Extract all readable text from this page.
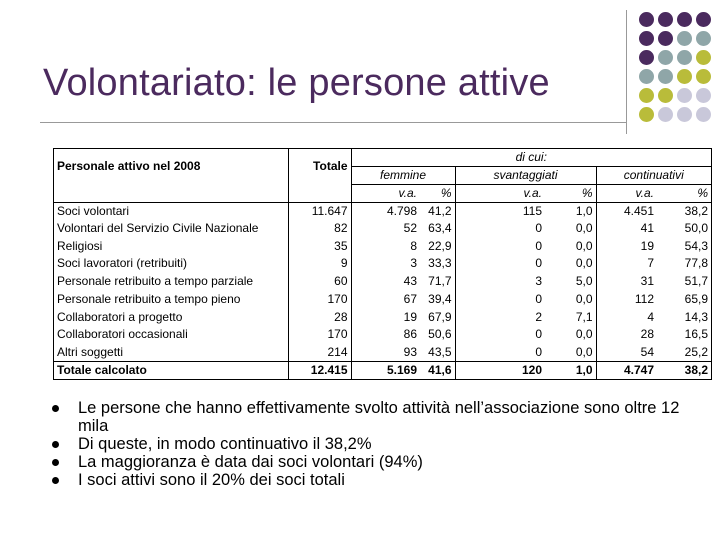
Volontariato: le persone attive
Personale attivo nel 2008	Totale	di cui:					
		femmine		svantaggiati		continuativi	
		v.a.	%	v.a.	%	v.a.	%
Soci volontari	11.647	4.798	41,2	115	1,0	4.451	38,2
Volontari del Servizio Civile Nazionale	82	52	63,4	0	0,0	41	50,0
Religiosi	35	8	22,9	0	0,0	19	54,3
Soci lavoratori (retribuiti)	9	3	33,3	0	0,0	7	77,8
Personale retribuito a tempo parziale	60	43	71,7	3	5,0	31	51,7
Personale retribuito a tempo pieno	170	67	39,4	0	0,0	112	65,9
Collaboratori a progetto	28	19	67,9	2	7,1	4	14,3
Collaboratori occasionali	170	86	50,6	0	0,0	28	16,5
Altri soggetti	214	93	43,5	0	0,0	54	25,2
Totale calcolato	12.415	5.169	41,6	120	1,0	4.747	38,2
Le persone che hanno effettivamente svolto attività nell’associazione sono oltre 12 mila
Di queste, in modo continuativo il 38,2%
La maggioranza è data dai soci volontari (94%)
I soci attivi sono il 20% dei soci totali
